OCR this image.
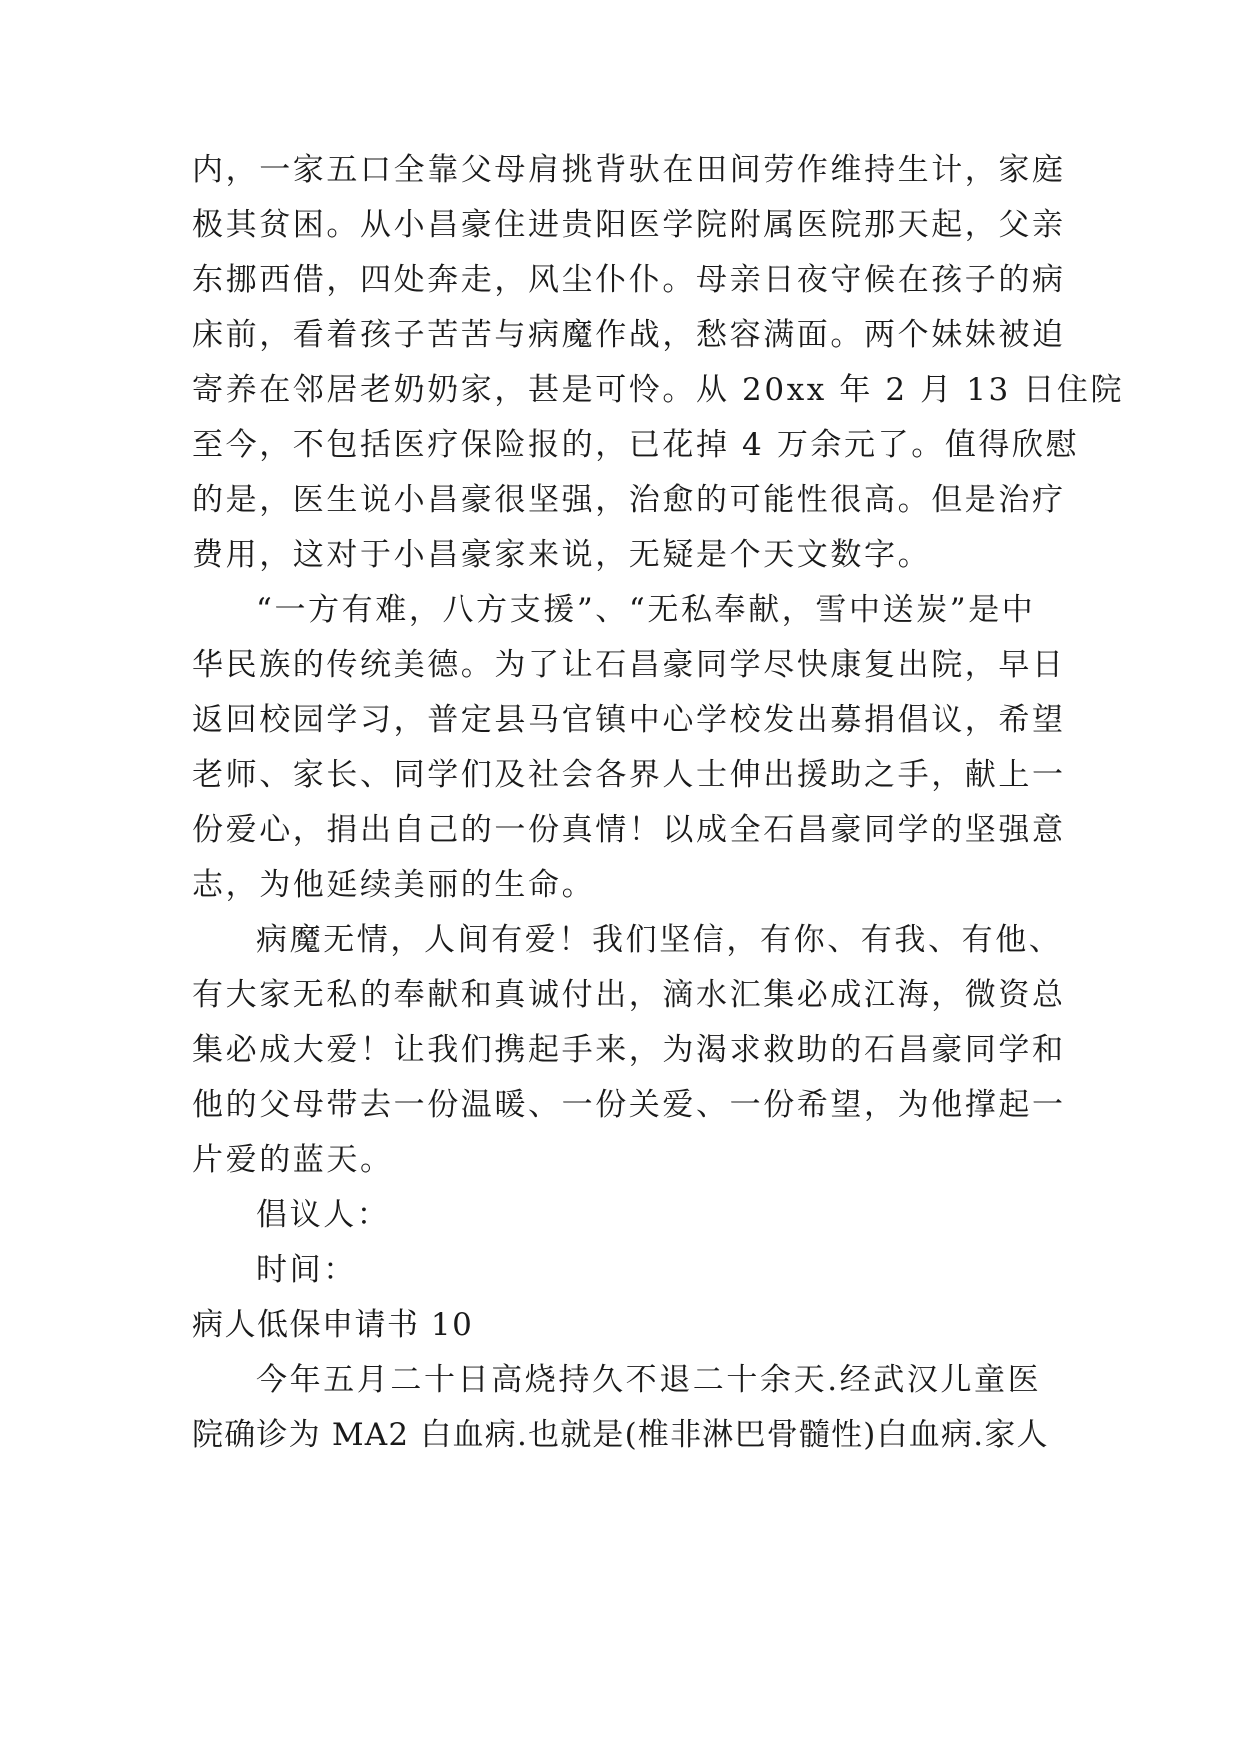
内，一家五口全靠父母肩挑背驮在田间劳作维持生计，家庭
极其贫困。从小昌豪住进贵阳医学院附属医院那天起，父亲
东挪西借，四处奔走，风尘仆仆。母亲日夜守候在孩子的病
床前，看着孩子苦苦与病魔作战，愁容满面。两个妹妹被迫
寄养在邻居老奶奶家，甚是可怜。从 20xx 年 2 月 13 日住院
至今，不包括医疗保险报的，已花掉 4 万余元了。值得欣慰
的是，医生说小昌豪很坚强，治愈的可能性很高。但是治疗
费用，这对于小昌豪家来说，无疑是个天文数字。
“一方有难，八方支援”、“无私奉献，雪中送炭”是中
华民族的传统美德。为了让石昌豪同学尽快康复出院，早日
返回校园学习，普定县马官镇中心学校发出募捐倡议，希望
老师、家长、同学们及社会各界人士伸出援助之手，献上一
份爱心，捐出自己的一份真情！以成全石昌豪同学的坚强意
志，为他延续美丽的生命。
病魔无情，人间有爱！我们坚信，有你、有我、有他、
有大家无私的奉献和真诚付出，滴水汇集必成江海，微资总
集必成大爱！让我们携起手来，为渴求救助的石昌豪同学和
他的父母带去一份温暖、一份关爱、一份希望，为他撑起一
片爱的蓝天。
倡议人：
时间：
病人低保申请书 10
今年五月二十日高烧持久不退二十余天.经武汉儿童医
院确诊为 MA2 白血病.也就是(椎非淋巴骨髓性)白血病.家人
